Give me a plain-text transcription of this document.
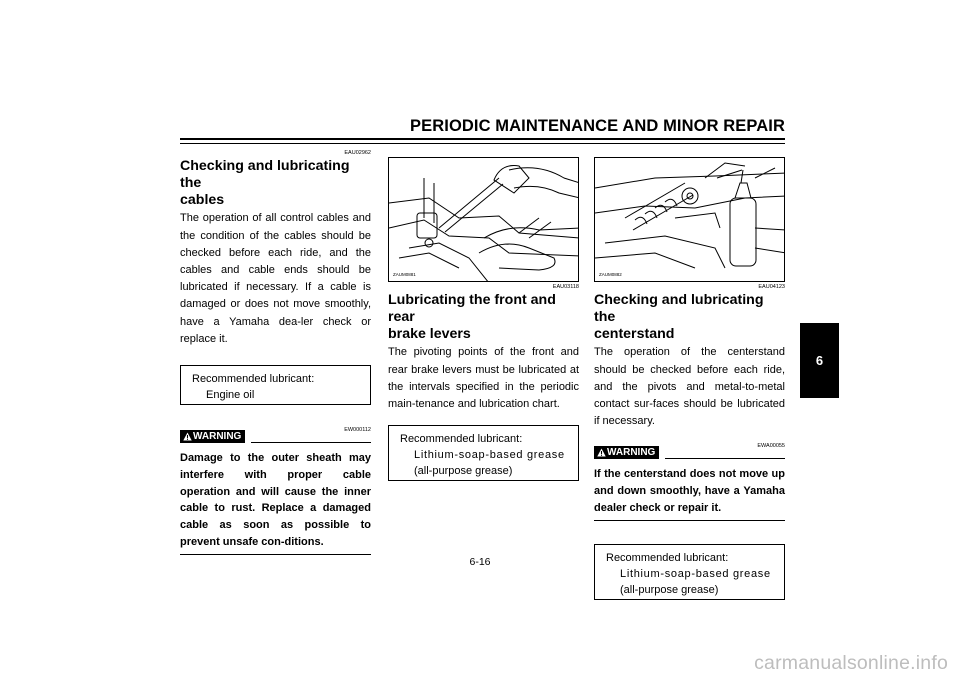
PERIODIC MAINTENANCE AND MINOR REPAIR
EAU02962
Checking and lubricating the
cables
The operation of all control cables and the condition of the cables should be checked before each ride, and the cables and cable ends should be lubricated if necessary. If a cable is damaged or does not move smoothly, have a Yamaha dea-ler check or replace it.
Recommended lubricant:
Engine oil
EW000112
WARNING
Damage to the outer sheath may interfere with proper cable operation and will cause the inner cable to rust. Replace a damaged cable as soon as possible to prevent unsafe con-ditions.
ZAUM0881
EAU03118
Lubricating the front and rear
brake levers
The pivoting points of the front and rear brake levers must be lubricated at the intervals specified in the periodic main-tenance and lubrication chart.
Recommended lubricant:
Lithium-soap-based grease
(all-purpose grease)
ZAUM0882
EAU04123
Checking and lubricating the
centerstand
The operation of the centerstand should be checked before each ride, and the pivots and metal-to-metal contact sur-faces should be lubricated if necessary.
EWA00055
WARNING
If the centerstand does not move up and down smoothly, have a Yamaha dealer check or repair it.
Recommended lubricant:
Lithium-soap-based grease
(all-purpose grease)
6
6-16
carmanualsonline.info
